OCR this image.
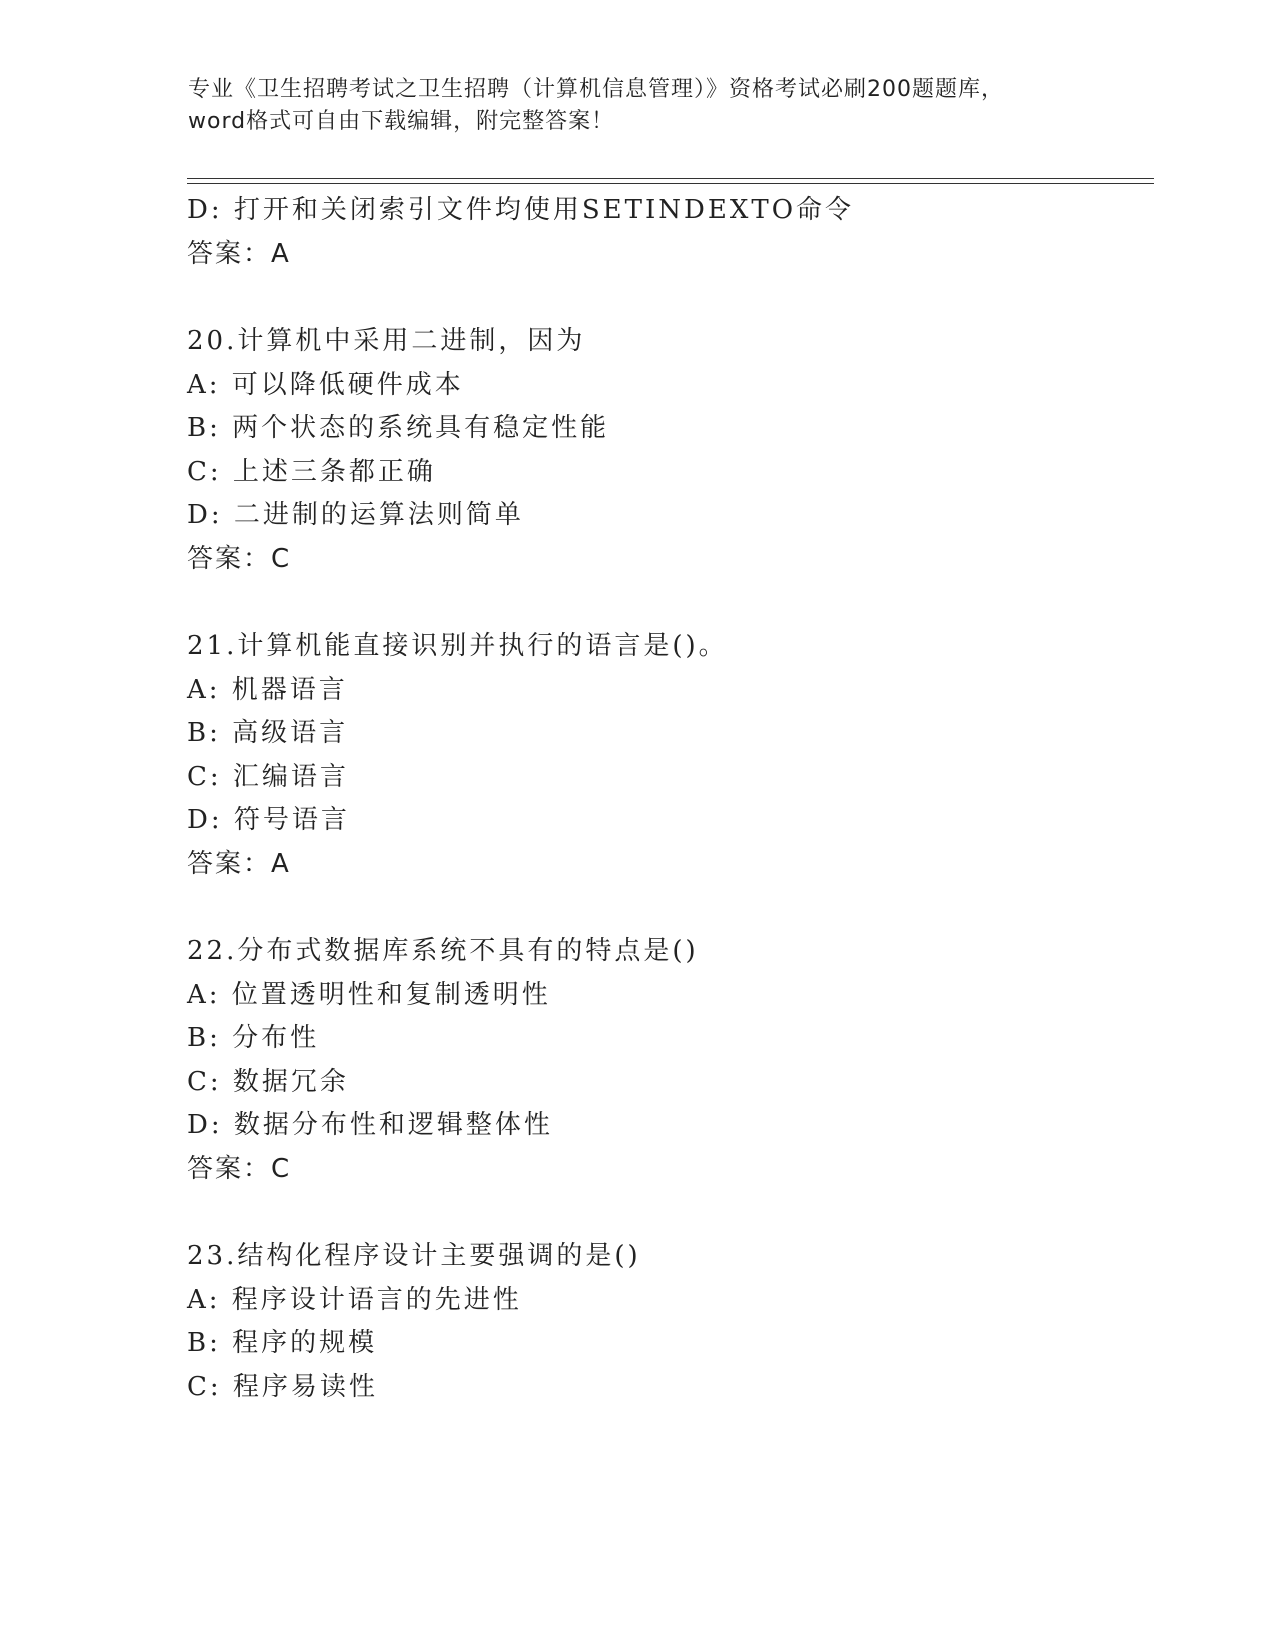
专业《卫生招聘考试之卫生招聘（计算机信息管理）》资格考试必刷200题题库，
word格式可自由下载编辑，附完整答案！
D: 打开和关闭索引文件均使用SETINDEXTO命令
答案：A
20.计算机中采用二进制，因为
A: 可以降低硬件成本
B: 两个状态的系统具有稳定性能
C: 上述三条都正确
D: 二进制的运算法则简单
答案：C
21.计算机能直接识别并执行的语言是()。
A: 机器语言
B: 高级语言
C: 汇编语言
D: 符号语言
答案：A
22.分布式数据库系统不具有的特点是()
A: 位置透明性和复制透明性
B: 分布性
C: 数据冗余
D: 数据分布性和逻辑整体性
答案：C
23.结构化程序设计主要强调的是()
A: 程序设计语言的先进性
B: 程序的规模
C: 程序易读性
